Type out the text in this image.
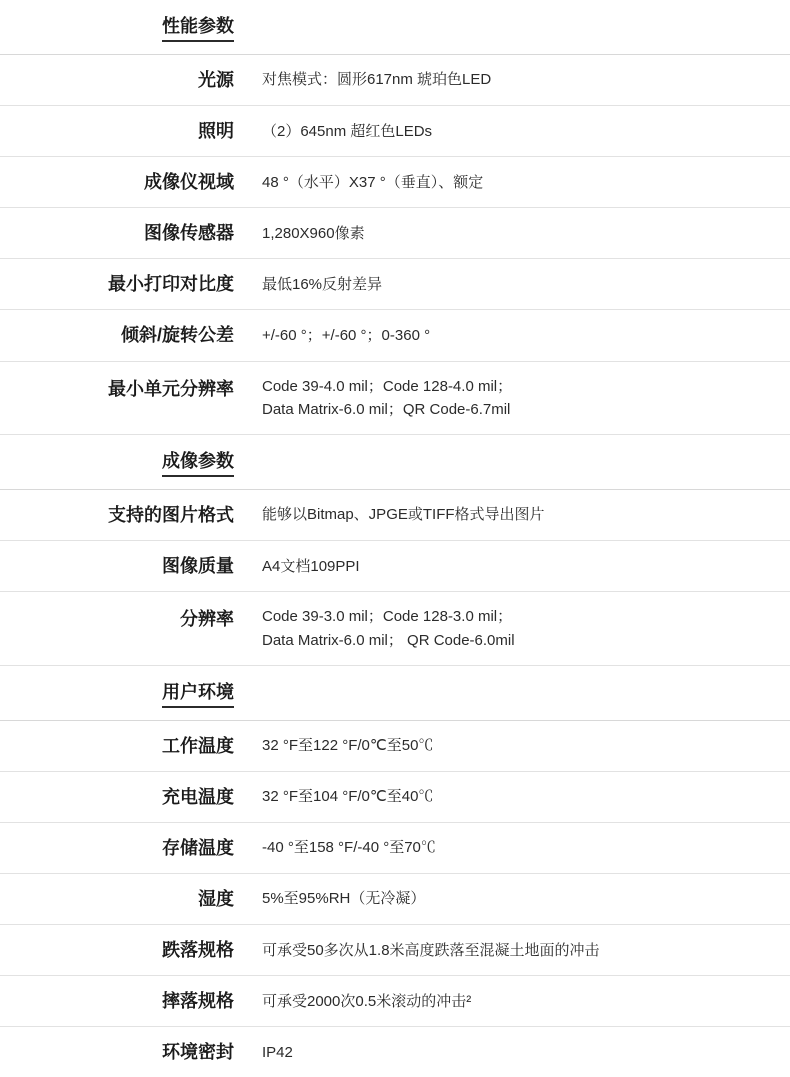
性能参数
光源	对焦模式：圆形617nm 琥珀色LED
照明	（2）645nm 超红色LEDs
成像仪视域	48 °（水平）X37 °（垂直）、额定
图像传感器	1,280X960像素
最小打印对比度	最低16%反射差异
倾斜/旋转公差	+/-60 °；+/-60 °；0-360 °
最小单元分辨率	Code 39-4.0 mil；Code 128-4.0 mil；
Data Matrix-6.0 mil；QR Code-6.7mil
成像参数
支持的图片格式	能够以Bitmap、JPGE或TIFF格式导出图片
图像质量	A4文档109PPI
分辨率	Code 39-3.0 mil；Code 128-3.0 mil；
Data Matrix-6.0 mil； QR Code-6.0mil
用户环境
工作温度	32 °F至122 °F/0℃至50℃
充电温度	32 °F至104 °F/0℃至40℃
存储温度	-40 °至158 °F/-40 °至70℃
湿度	5%至95%RH（无冷凝）
跌落规格	可承受50多次从1.8米高度跌落至混凝土地面的冲击
摔落规格	可承受2000次0.5米滚动的冲击²
环境密封	IP42
